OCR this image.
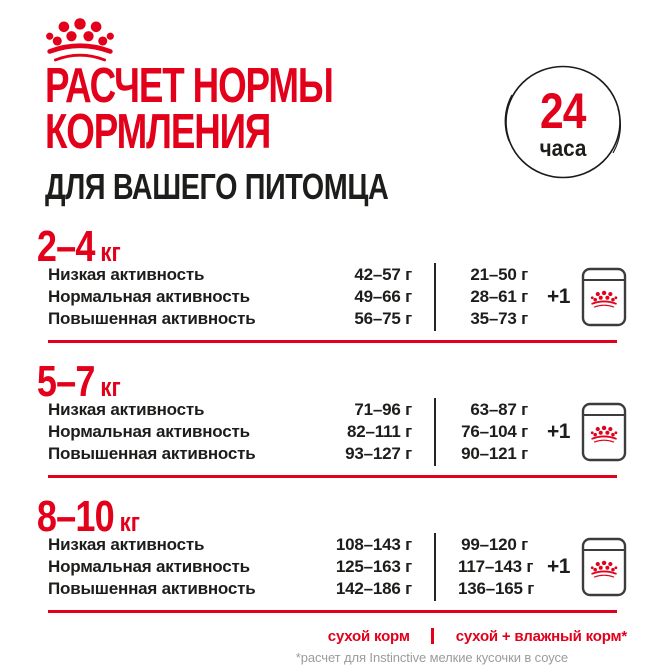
РАСЧЕТ НОРМЫ
КОРМЛЕНИЯ
ДЛЯ ВАШЕГО ПИТОМЦА
24
часа
2–4 кг
Низкая активность	42–57 г	21–50 г
Нормальная активность	49–66 г	28–61 г
Повышенная активность	56–75 г	35–73 г
+1
5–7 кг
Низкая активность	71–96 г	63–87 г
Нормальная активность	82–111 г	76–104 г
Повышенная активность	93–127 г	90–121 г
+1
8–10 кг
Низкая активность	108–143 г	99–120 г
Нормальная активность	125–163 г	117–143 г
Повышенная активность	142–186 г	136–165 г
+1
сухой корм	сухой + влажный корм*
*расчет для Instinctive мелкие кусочки в соусе
